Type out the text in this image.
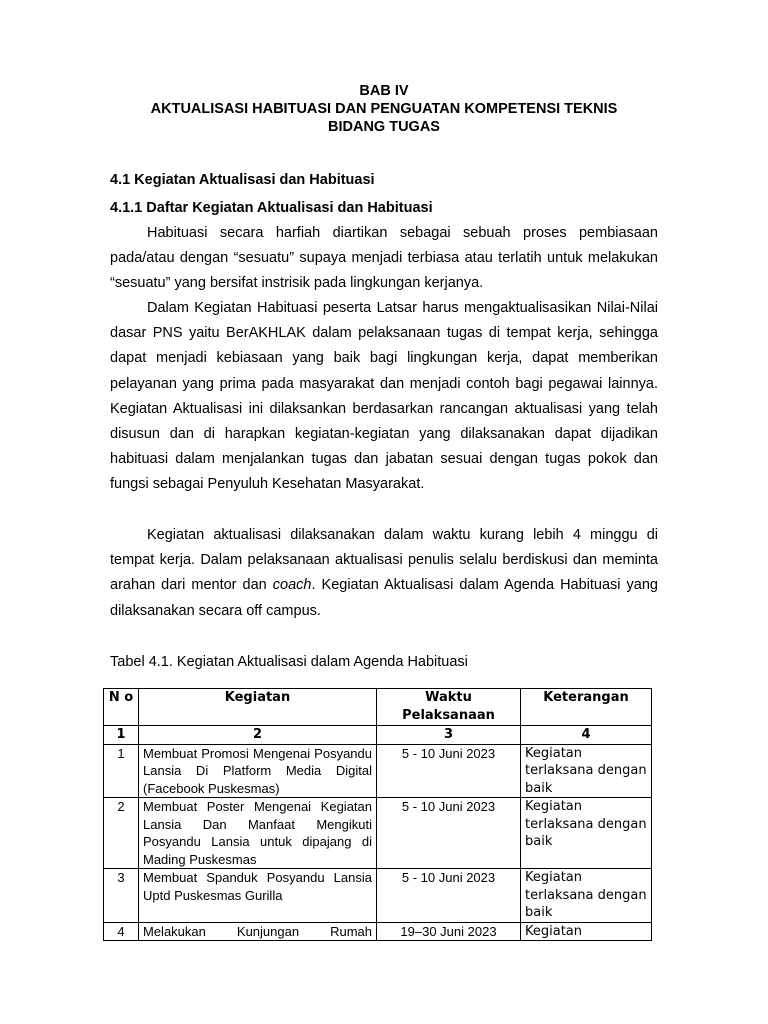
BAB IV
AKTUALISASI HABITUASI DAN PENGUATAN KOMPETENSI TEKNIS
BIDANG TUGAS
4.1 Kegiatan Aktualisasi dan Habituasi
4.1.1 Daftar Kegiatan Aktualisasi dan Habituasi
Habituasi secara harfiah diartikan sebagai sebuah proses pembiasaan pada/atau dengan “sesuatu” supaya menjadi terbiasa atau terlatih untuk melakukan “sesuatu” yang bersifat instrisik pada lingkungan kerjanya.
Dalam Kegiatan Habituasi peserta Latsar harus mengaktualisasikan Nilai-Nilai dasar PNS yaitu BerAKHLAK dalam pelaksanaan tugas di tempat kerja, sehingga dapat menjadi kebiasaan yang baik bagi lingkungan kerja, dapat memberikan pelayanan yang prima pada masyarakat dan menjadi contoh bagi pegawai lainnya. Kegiatan Aktualisasi ini dilaksankan berdasarkan rancangan aktualisasi yang telah disusun dan di harapkan kegiatan-kegiatan yang dilaksanakan dapat dijadikan habituasi dalam menjalankan tugas dan jabatan sesuai dengan tugas pokok dan fungsi sebagai Penyuluh Kesehatan Masyarakat.
Kegiatan aktualisasi dilaksanakan dalam waktu kurang lebih 4 minggu di tempat kerja. Dalam pelaksanaan aktualisasi penulis selalu berdiskusi dan meminta arahan dari mentor dan coach. Kegiatan Aktualisasi dalam Agenda Habituasi yang dilaksanakan secara off campus.
Tabel 4.1. Kegiatan Aktualisasi dalam Agenda Habituasi
N o	Kegiatan	Waktu Pelaksanaan	Keterangan
1	2	3	4
1	Membuat Promosi Mengenai Posyandu Lansia Di Platform Media Digital (Facebook Puskesmas)	5 - 10 Juni 2023	Kegiatan terlaksana dengan baik
2	Membuat Poster Mengenai Kegiatan Lansia Dan Manfaat Mengikuti Posyandu Lansia untuk dipajang di Mading Puskesmas	5 - 10 Juni 2023	Kegiatan terlaksana dengan baik
3	Membuat Spanduk Posyandu Lansia Uptd Puskesmas Gurilla	5 - 10 Juni 2023	Kegiatan terlaksana dengan baik
4	Melakukan Kunjungan Rumah	19–30 Juni 2023	Kegiatan
